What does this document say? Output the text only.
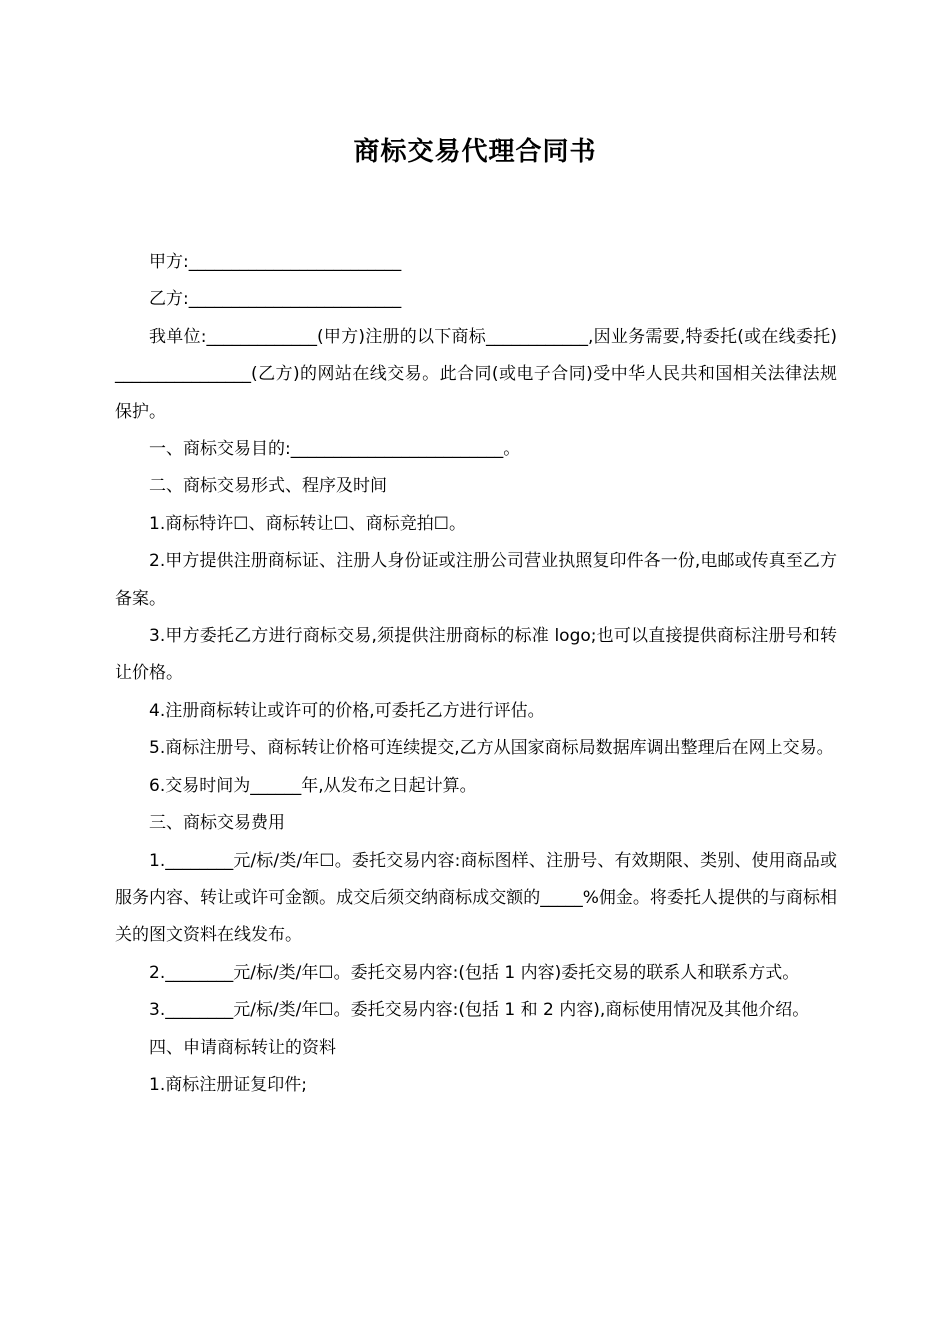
商标交易代理合同书

甲方:_________________________

乙方:_________________________

我单位:_____________(甲方)注册的以下商标____________,因业务需要,特委托(或在线委托)________________(乙方)的网站在线交易。此合同(或电子合同)受中华人民共和国相关法律法规保护。

一、商标交易目的:_________________________。

二、商标交易形式、程序及时间

1.商标特许☐、商标转让☐、商标竞拍☐。

2.甲方提供注册商标证、注册人身份证或注册公司营业执照复印件各一份,电邮或传真至乙方备案。

3.甲方委托乙方进行商标交易,须提供注册商标的标准 logo;也可以直接提供商标注册号和转让价格。

4.注册商标转让或许可的价格,可委托乙方进行评估。

5.商标注册号、商标转让价格可连续提交,乙方从国家商标局数据库调出整理后在网上交易。

6.交易时间为______年,从发布之日起计算。

三、商标交易费用

1.________元/标/类/年☐。委托交易内容:商标图样、注册号、有效期限、类别、使用商品或服务内容、转让或许可金额。成交后须交纳商标成交额的_____%佣金。将委托人提供的与商标相关的图文资料在线发布。

2.________元/标/类/年☐。委托交易内容:(包括 1 内容)委托交易的联系人和联系方式。

3.________元/标/类/年☐。委托交易内容:(包括 1 和 2 内容),商标使用情况及其他介绍。

四、申请商标转让的资料

1.商标注册证复印件;
